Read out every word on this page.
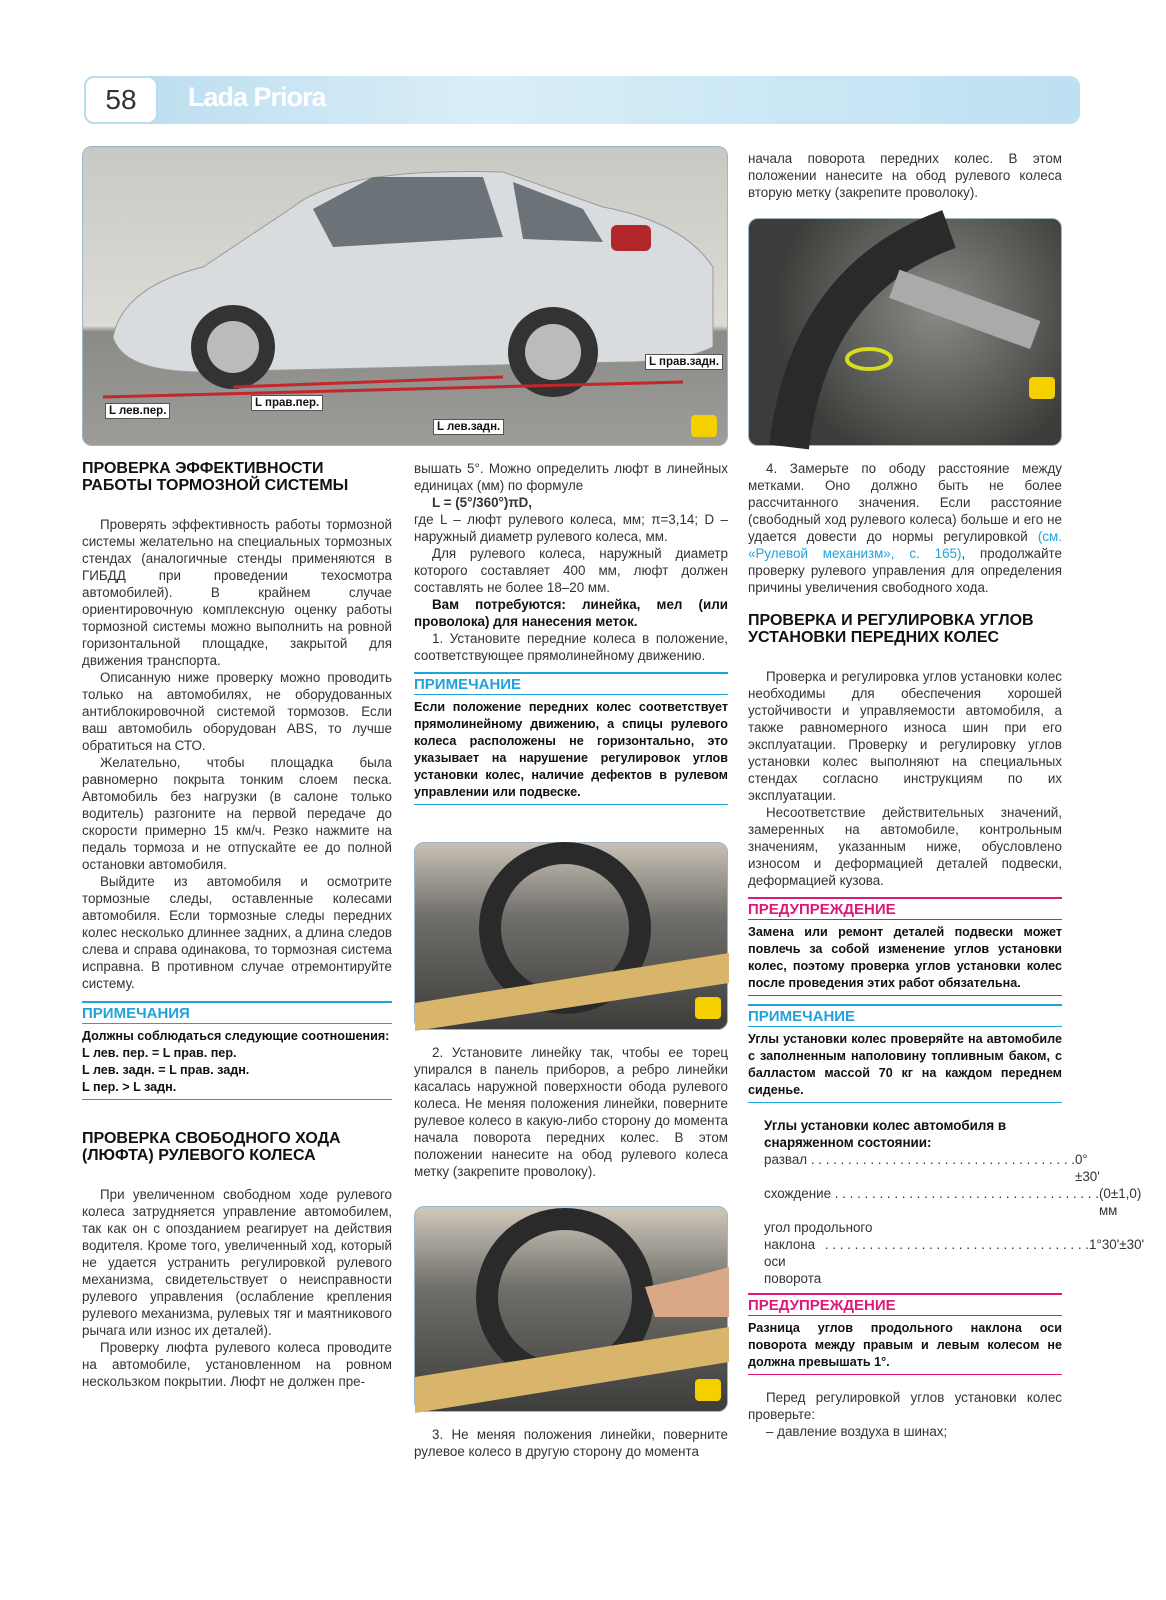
58	Lada Priora
L лев.пер.
L прав.пер.
L лев.задн.
L прав.задн.

ПРОВЕРКА ЭФФЕКТИВНОСТИ РАБОТЫ ТОРМОЗНОЙ СИСТЕМЫ

Проверять эффективность работы тормозной системы желательно на специальных тормозных стендах (аналогичные стенды применяются в ГИБДД при проведении техосмотра автомобилей). В крайнем случае ориентировочную комплексную оценку работы тормозной системы можно выполнить на ровной горизонтальной площадке, закрытой для движения транспорта.

Описанную ниже проверку можно проводить только на автомобилях, не оборудованных антиблокировочной системой тормозов. Если ваш автомобиль оборудован ABS, то лучше обратиться на СТО.

Желательно, чтобы площадка была равномерно покрыта тонким слоем песка. Автомобиль без нагрузки (в салоне только водитель) разгоните на первой передаче до скорости примерно 15 км/ч. Резко нажмите на педаль тормоза и не отпускайте ее до полной остановки автомобиля.

Выйдите из автомобиля и осмотрите тормозные следы, оставленные колесами автомобиля. Если тормозные следы передних колес несколько длиннее задних, а длина следов слева и справа одинакова, то тормозная система исправна. В противном случае отремонтируйте систему.

ПРИМЕЧАНИЯ
Должны соблюдаться следующие соотношения:
L лев. пер. = L прав. пер.
L лев. задн. = L прав. задн.
L пер. > L задн.

ПРОВЕРКА СВОБОДНОГО ХОДА (ЛЮФТА) РУЛЕВОГО КОЛЕСА

При увеличенном свободном ходе рулевого колеса затрудняется управление автомобилем, так как он с опозданием реагирует на действия водителя. Кроме того, увеличенный ход, который не удается устранить регулировкой рулевого механизма, свидетельствует о неисправности рулевого управления (ослабление крепления рулевого механизма, рулевых тяг и маятникового рычага или износ их деталей).

Проверку люфта рулевого колеса проводите на автомобиле, установленном на ровном нескользком покрытии. Люфт не должен пре-

вышать 5°. Можно определить люфт в линейных единицах (мм) по формуле

L = (5°/360°)πD,

где L – люфт рулевого колеса, мм; π=3,14; D – наружный диаметр рулевого колеса, мм.

Для рулевого колеса, наружный диаметр которого составляет 400 мм, люфт должен составлять не более 18–20 мм.

Вам потребуются: линейка, мел (или проволока) для нанесения меток.

1. Установите передние колеса в положение, соответствующее прямолинейному движению.

ПРИМЕЧАНИЕ
Если положение передних колес соответствует прямолинейному движению, а спицы рулевого колеса расположены не горизонтально, это указывает на нарушение регулировок углов установки колес, наличие дефектов в рулевом управлении или подвеске.

2. Установите линейку так, чтобы ее торец упирался в панель приборов, а ребро линейки касалась наружной поверхности обода рулевого колеса. Не меняя положения линейки, поверните рулевое колесо в какую-либо сторону до момента начала поворота передних колес. В этом положении нанесите на обод рулевого колеса метку (закрепите проволоку).

3. Не меняя положения линейки, поверните рулевое колесо в другую сторону до момента

начала поворота передних колес. В этом положении нанесите на обод рулевого колеса вторую метку (закрепите проволоку).

4. Замерьте по ободу расстояние между метками. Оно должно быть не более рассчитанного значения. Если расстояние (свободный ход рулевого колеса) больше и его не удается довести до нормы регулировкой (см. «Рулевой механизм», с. 165), продолжайте проверку рулевого управления для определения причины увеличения свободного хода.

ПРОВЕРКА И РЕГУЛИРОВКА УГЛОВ УСТАНОВКИ ПЕРЕДНИХ КОЛЕС

Проверка и регулировка углов установки колес необходимы для обеспечения хорошей устойчивости и управляемости автомобиля, а также равномерного износа шин при его эксплуатации. Проверку и регулировку углов установки колес выполняют на специальных стендах согласно инструкциям по их эксплуатации.

Несоответствие действительных значений, замеренных на автомобиле, контрольным значениям, указанным ниже, обусловлено износом и деформацией деталей подвески, деформацией кузова.

ПРЕДУПРЕЖДЕНИЕ
Замена или ремонт деталей подвески может повлечь за собой изменение углов установки колес, поэтому проверка углов установки колес после проведения этих работ обязательна.
ПРИМЕЧАНИЕ
Углы установки колес проверяйте на автомобиле с заполненным наполовину топливным баком, с балластом массой 70 кг на каждом переднем сиденье.
Углы установки колес автомобиля в снаряженном состоянии:
развал . . . . . . . . . . . . . . . . . . . . . . . . . . . . . . . . . . . . 0°±30'
схождение . . . . . . . . . . . . . . . . . . . . . . . . . . . . . . . . . . . . (0±1,0) мм
угол продольного
наклона оси поворота
. . . . . . . . . . . . . . . . . . . . . . . . . . . . . . . . . . . . 1°30'±30'
ПРЕДУПРЕЖДЕНИЕ
Разница углов продольного наклона оси поворота между правым и левым колесом не должна превышать 1°.

Перед регулировкой углов установки колес проверьте:

– давление воздуха в шинах;
